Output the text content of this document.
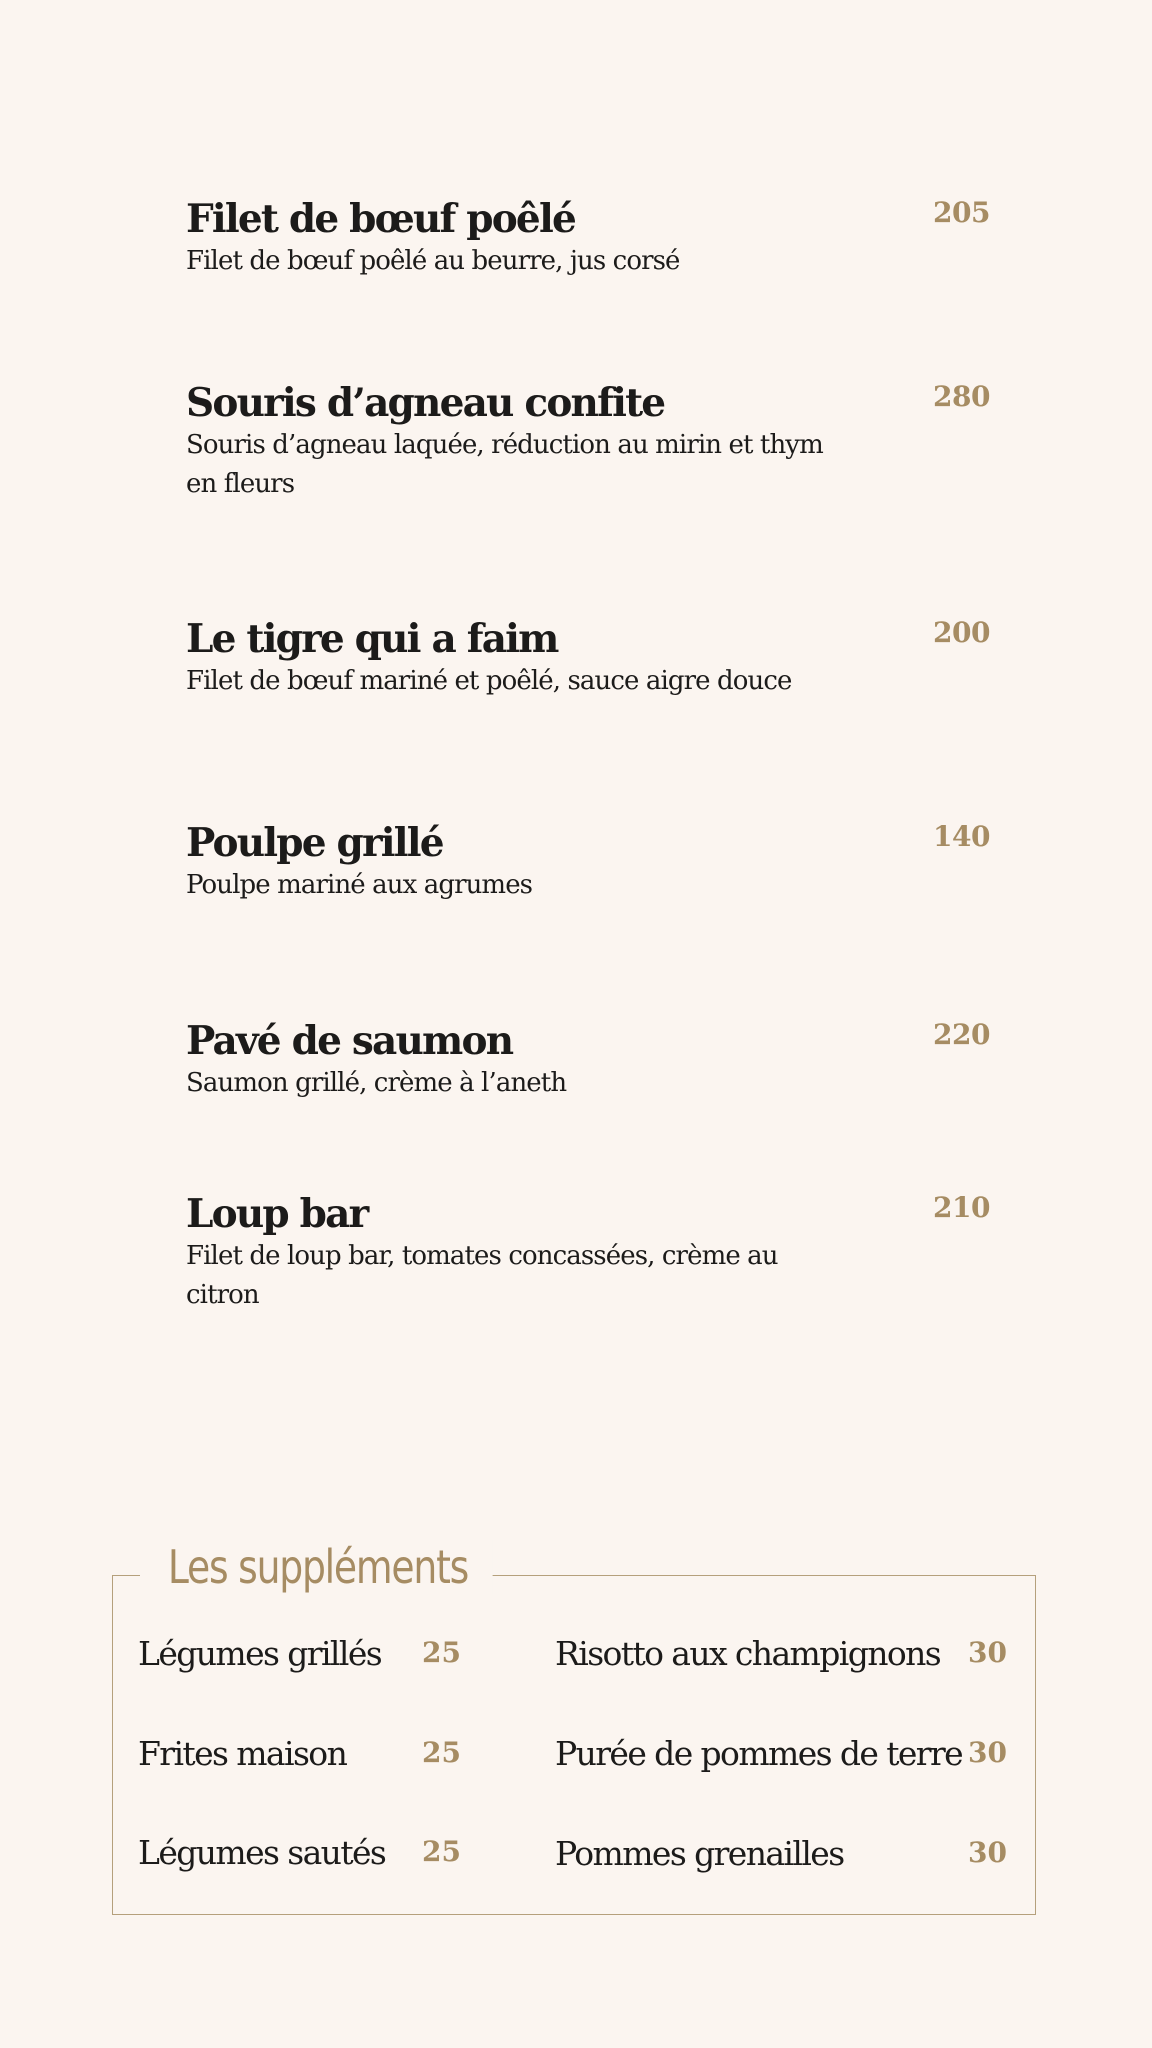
Filet de bœuf poêlé

Filet de bœuf poêlé au beurre, jus corsé

205
Souris d’agneau confite

Souris d’agneau laquée, réduction au mirin et thym en fleurs

280
Le tigre qui a faim

Filet de bœuf mariné et poêlé, sauce aigre douce

200
Poulpe grillé

Poulpe mariné aux agrumes

140
Pavé de saumon

Saumon grillé, crème à l’aneth

220
Loup bar

Filet de loup bar, tomates concassées, crème au citron

210
Les suppléments
Légumes grillés 25
Frites maison	25
Légumes sautés 25
Risotto aux champignons 30
Purée de pommes de terre 30
Pommes grenailles	30
